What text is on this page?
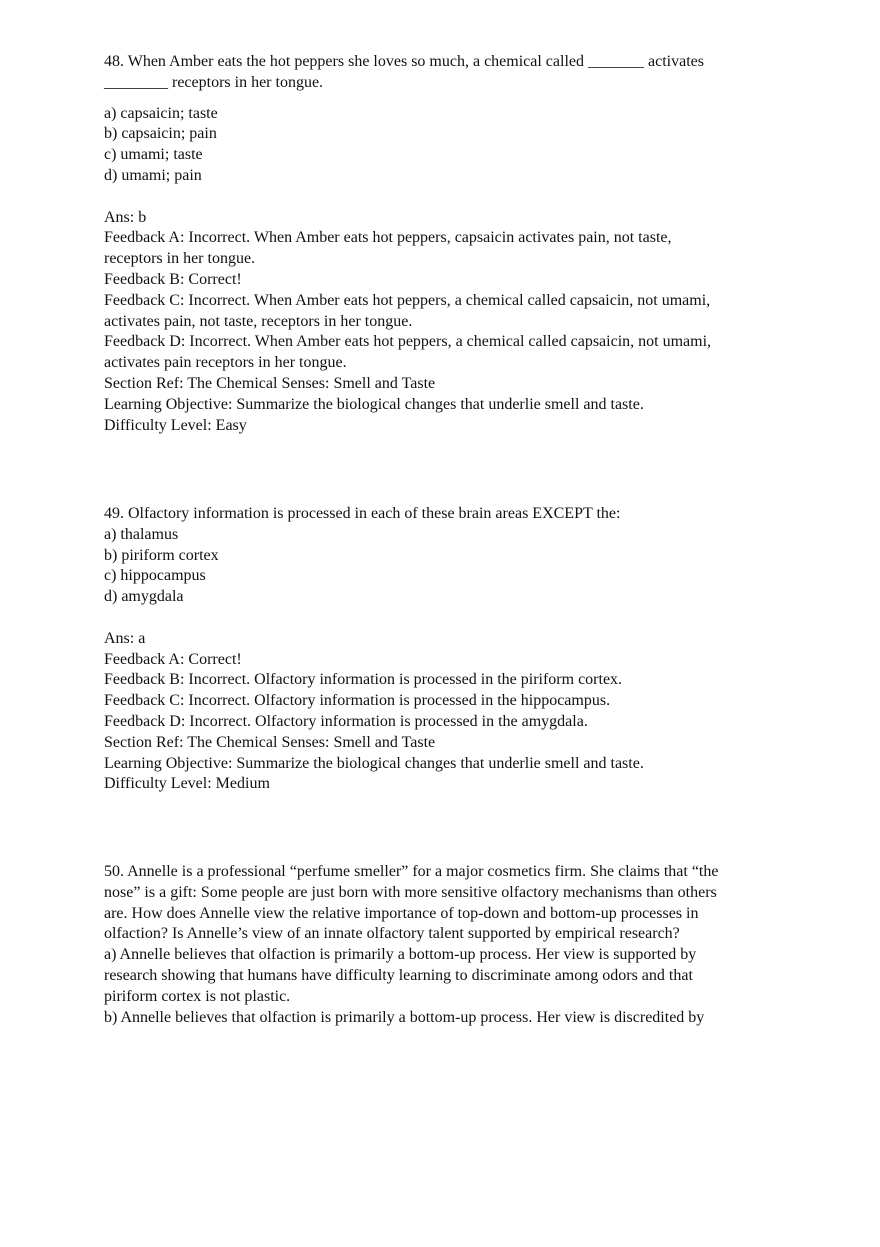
48. When Amber eats the hot peppers she loves so much, a chemical called _______ activates
________ receptors in her tongue.
a) capsaicin; taste
b) capsaicin; pain
c) umami; taste
d) umami; pain
Ans: b
Feedback A: Incorrect. When Amber eats hot peppers, capsaicin activates pain, not taste,
receptors in her tongue.
Feedback B: Correct!
Feedback C: Incorrect. When Amber eats hot peppers, a chemical called capsaicin, not umami,
activates pain, not taste, receptors in her tongue.
Feedback D: Incorrect. When Amber eats hot peppers, a chemical called capsaicin, not umami,
activates pain receptors in her tongue.
Section Ref: The Chemical Senses: Smell and Taste
Learning Objective: Summarize the biological changes that underlie smell and taste.
Difficulty Level: Easy
49. Olfactory information is processed in each of these brain areas EXCEPT the:
a) thalamus
b) piriform cortex
c) hippocampus
d) amygdala
Ans: a
Feedback A: Correct!
Feedback B: Incorrect. Olfactory information is processed in the piriform cortex.
Feedback C: Incorrect. Olfactory information is processed in the hippocampus.
Feedback D: Incorrect. Olfactory information is processed in the amygdala.
Section Ref: The Chemical Senses: Smell and Taste
Learning Objective: Summarize the biological changes that underlie smell and taste.
Difficulty Level: Medium
50. Annelle is a professional “perfume smeller” for a major cosmetics firm. She claims that “the
nose” is a gift: Some people are just born with more sensitive olfactory mechanisms than others
are. How does Annelle view the relative importance of top-down and bottom-up processes in
olfaction? Is Annelle’s view of an innate olfactory talent supported by empirical research?
a) Annelle believes that olfaction is primarily a bottom-up process. Her view is supported by
research showing that humans have difficulty learning to discriminate among odors and that
piriform cortex is not plastic.
b) Annelle believes that olfaction is primarily a bottom-up process. Her view is discredited by
